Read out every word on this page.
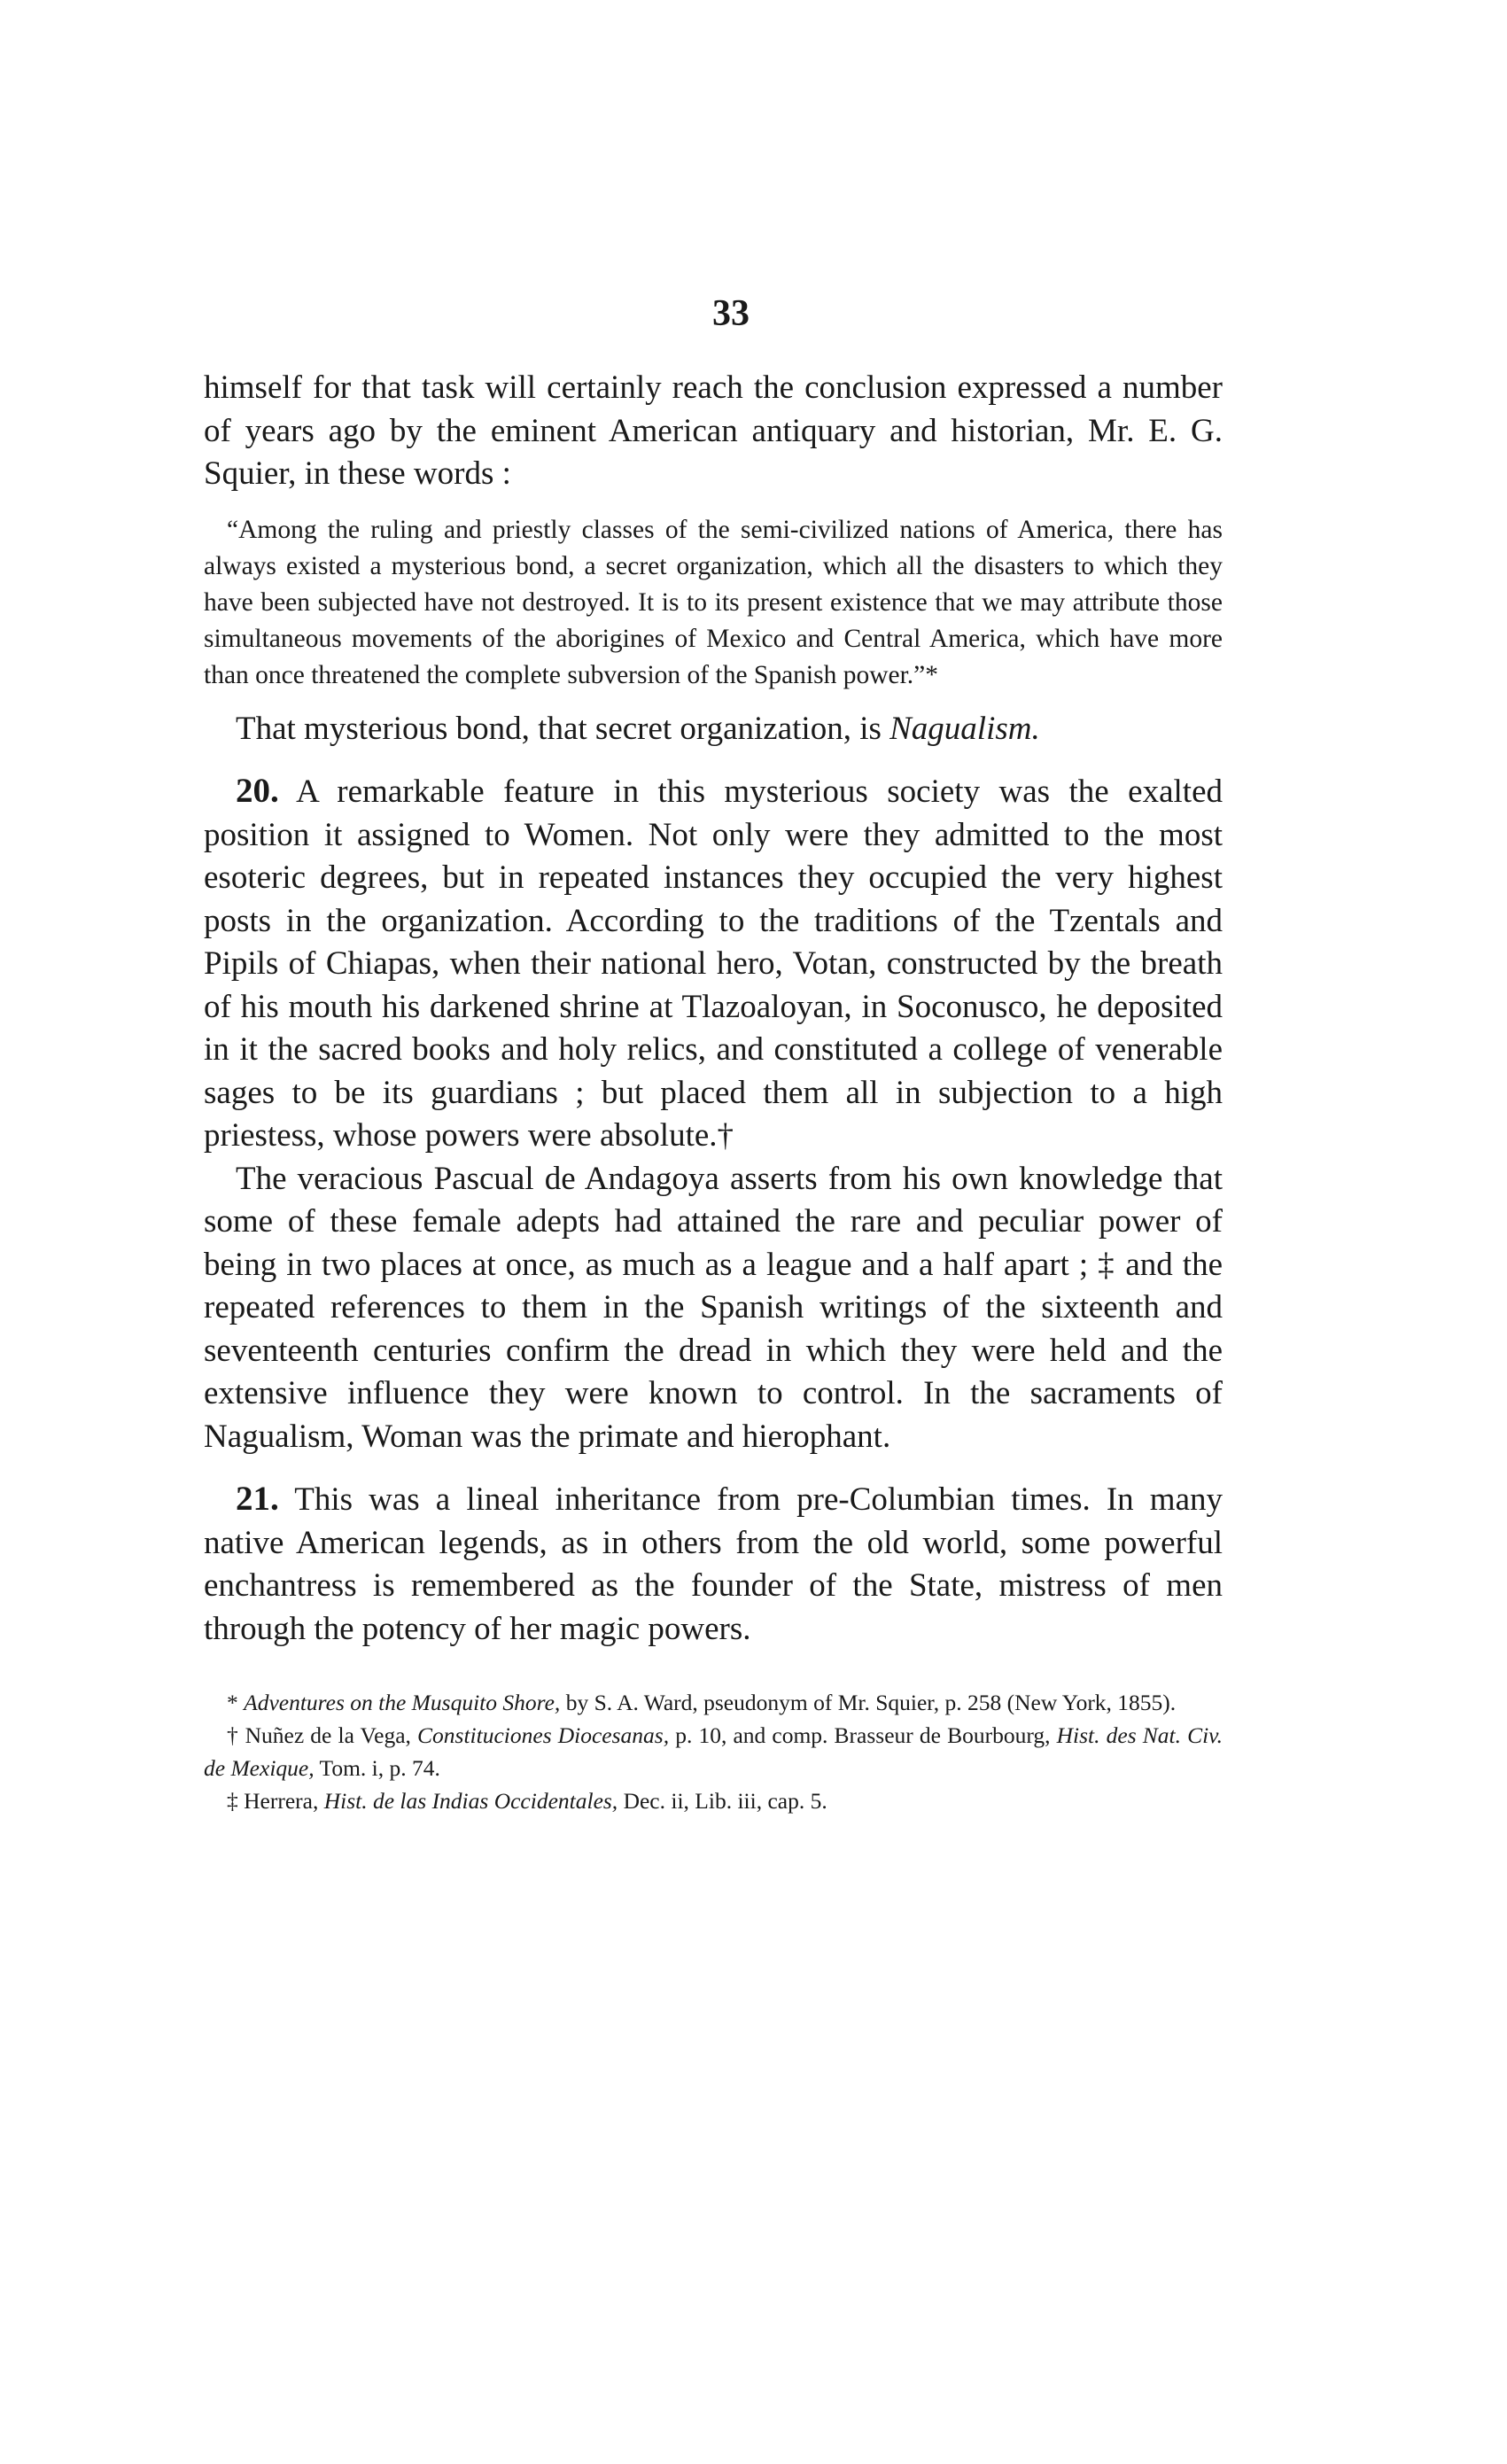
33

himself for that task will certainly reach the conclusion expressed a number of years ago by the eminent American antiquary and historian, Mr. E. G. Squier, in these words :

“Among the ruling and priestly classes of the semi-civilized nations of America, there has always existed a mysterious bond, a secret organization, which all the disasters to which they have been subjected have not destroyed. It is to its present existence that we may attribute those simultaneous movements of the aborigines of Mexico and Central America, which have more than once threatened the complete subversion of the Spanish power.”*

That mysterious bond, that secret organization, is Nagualism.

20. A remarkable feature in this mysterious society was the exalted position it assigned to Women. Not only were they admitted to the most esoteric degrees, but in repeated instances they occupied the very highest posts in the organization. According to the traditions of the Tzentals and Pipils of Chiapas, when their national hero, Votan, constructed by the breath of his mouth his darkened shrine at Tlazoaloyan, in Soconusco, he deposited in it the sacred books and holy relics, and constituted a college of venerable sages to be its guardians ; but placed them all in subjection to a high priestess, whose powers were absolute.†

The veracious Pascual de Andagoya asserts from his own knowledge that some of these female adepts had attained the rare and peculiar power of being in two places at once, as much as a league and a half apart ; ‡ and the repeated references to them in the Spanish writings of the sixteenth and seventeenth centuries confirm the dread in which they were held and the extensive influence they were known to control. In the sacraments of Nagualism, Woman was the primate and hierophant.

21. This was a lineal inheritance from pre-Columbian times. In many native American legends, as in others from the old world, some powerful enchantress is remembered as the founder of the State, mistress of men through the potency of her magic powers.

* Adventures on the Musquito Shore, by S. A. Ward, pseudonym of Mr. Squier, p. 258 (New York, 1855).

† Nuñez de la Vega, Constituciones Diocesanas, p. 10, and comp. Brasseur de Bourbourg, Hist. des Nat. Civ. de Mexique, Tom. i, p. 74.

‡ Herrera, Hist. de las Indias Occidentales, Dec. ii, Lib. iii, cap. 5.
